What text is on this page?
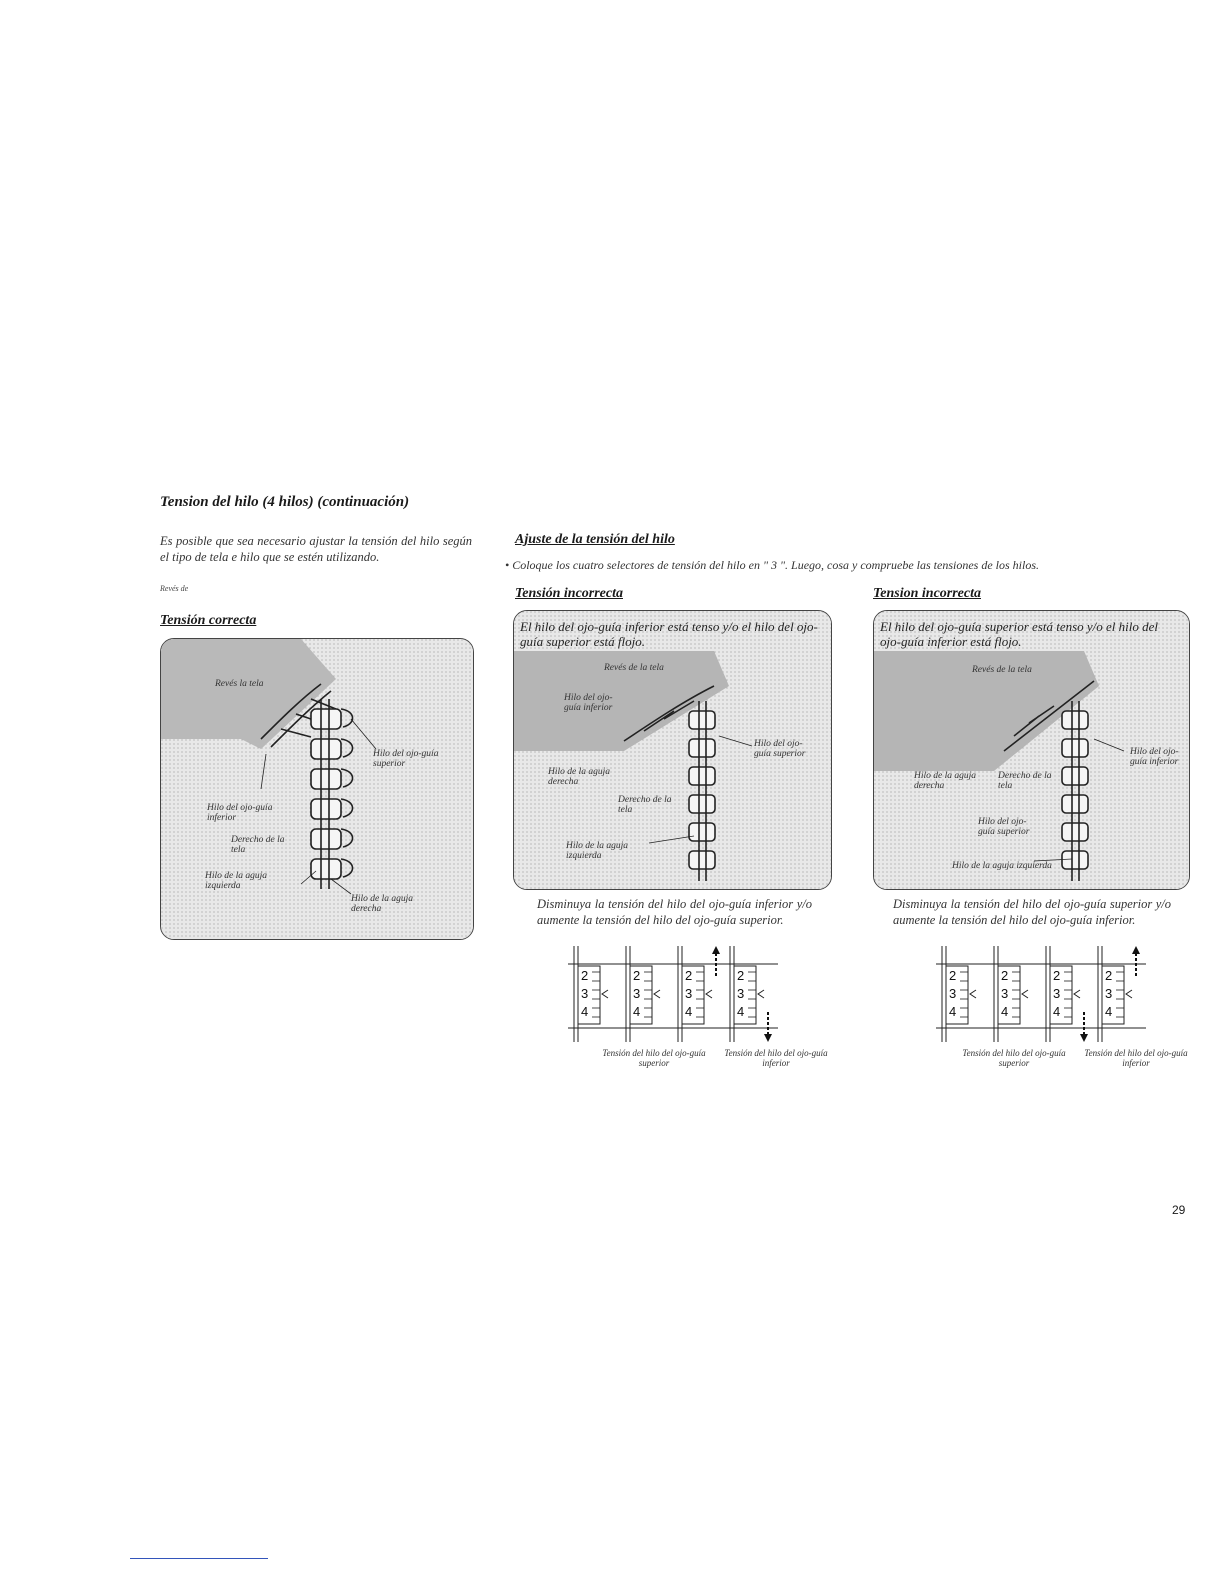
Tension del hilo (4 hilos) (continuación)
Es posible que sea necesario ajustar la tensión del hilo según el tipo de tela e hilo que se estén utilizando.
Revés de
Tensión correcta
Revés la tela
Hilo del ojo-guía superior
Hilo del ojo-guía inferior
Derecho de la tela
Hilo de la aguja izquierda
Hilo de la aguja derecha
Ajuste de la tensión del hilo
• Coloque los cuatro selectores de tensión del hilo en " 3 ". Luego, cosa y compruebe las tensiones de los hilos.
Tensión incorrecta	Tension incorrecta
El hilo del ojo-guía inferior está tenso y/o el hilo del ojo-guía superior está flojo.
Revés de la tela
Hilo del ojo-guía inferior
Hilo del ojo-guía superior
Hilo de la aguja derecha
Derecho de la tela
Hilo de la aguja izquierda
El hilo del ojo-guía superior está tenso y/o el hilo del ojo-guía inferior está flojo.
Revés de la tela
Hilo del ojo-guía inferior
Hilo de la aguja derecha
Derecho de la tela
Hilo del ojo-guía superior
Hilo de la aguja izquierda
Disminuya la tensión del hilo del ojo-guía inferior y/o aumente la tensión del hilo del ojo-guía superior.
Disminuya la tensión del hilo del ojo-guía superior y/o aumente la tensión del hilo del ojo-guía inferior.
2
3
4
2
3
4
2
3
4
2
3
4
2
3
4
2
3
4
2
3
4
2
3
4
Tensión del hilo del ojo-guía superior
Tensión del hilo del ojo-guía inferior
Tensión del hilo del ojo-guía superior
Tensión del hilo del ojo-guía inferior
29
